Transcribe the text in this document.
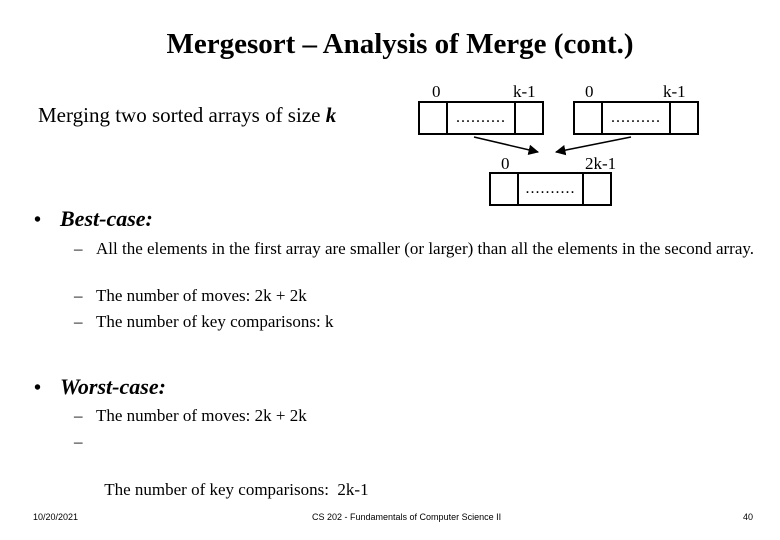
Mergesort – Analysis of Merge (cont.)
Merging two sorted arrays of size k
0	k-1
..........
0	k-1
..........
0	2k-1
..........
• Best-case:
– All the elements in the first array are smaller (or larger) than all the elements in the second array.
– The number of moves: 2k + 2k
– The number of key comparisons: k
• Worst-case:
– The number of moves: 2k + 2k

–

The number of key comparisons:  2k-1

10/20/2021	CS 202 - Fundamentals of Computer Science II	40
